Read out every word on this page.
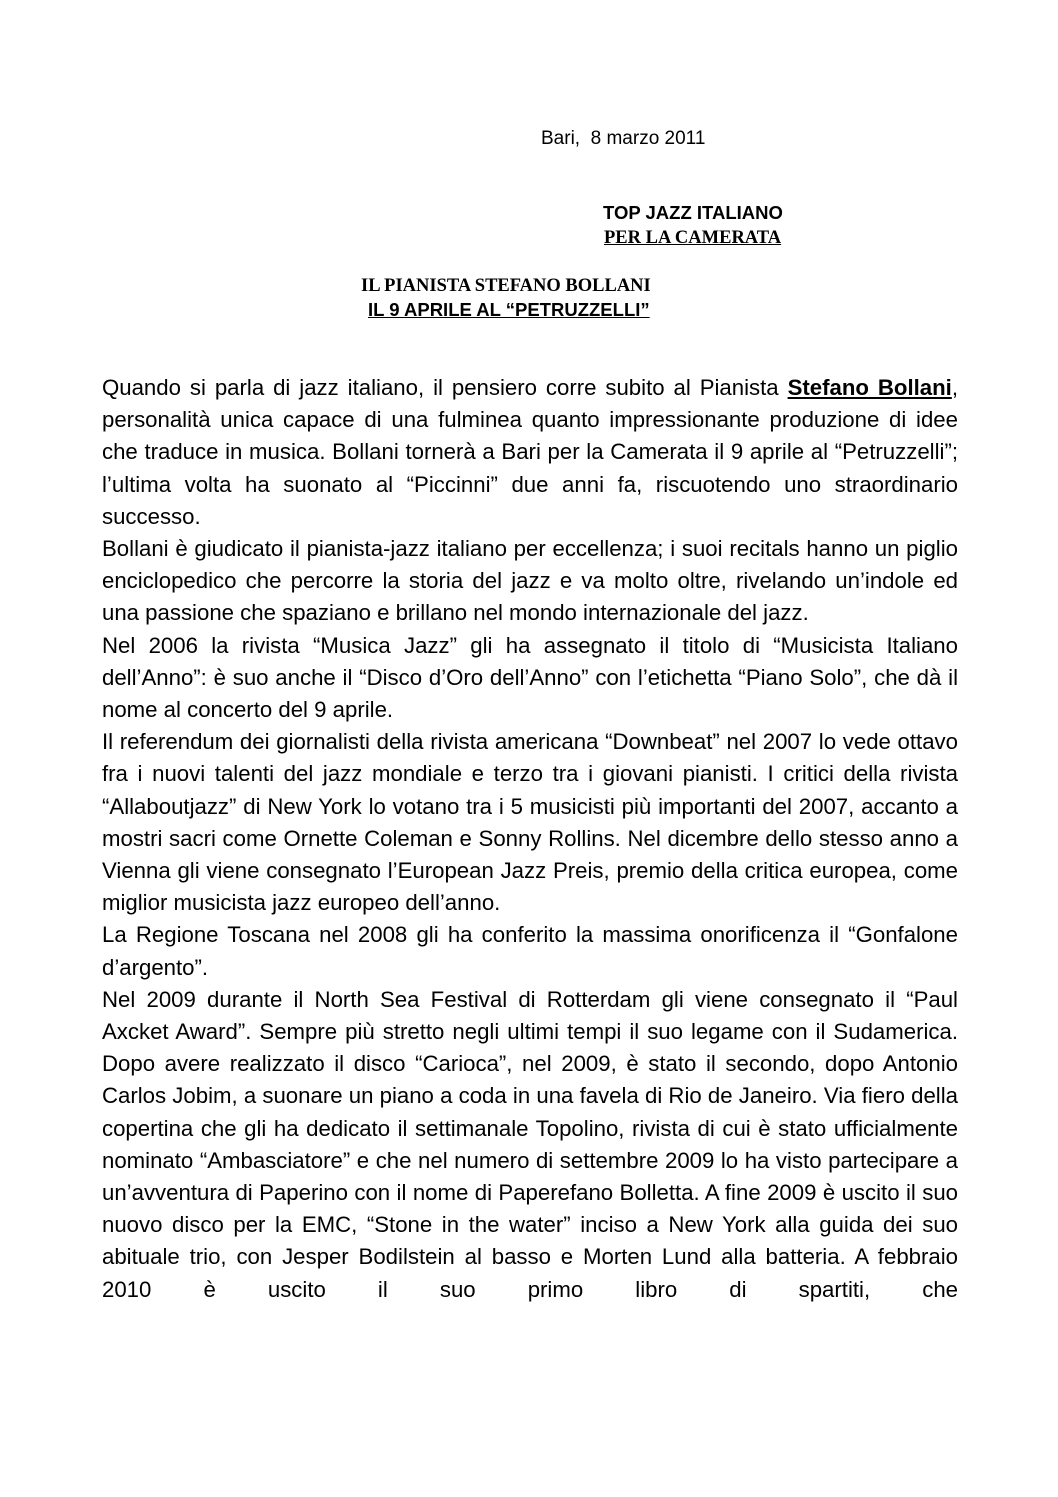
Bari,  8 marzo 2011
TOP JAZZ ITALIANO
PER LA CAMERATA
IL PIANISTA STEFANO BOLLANI
IL 9 APRILE AL “PETRUZZELLI”

Quando si parla di jazz italiano, il pensiero corre subito al Pianista Stefano Bollani, personalità unica capace di una fulminea quanto impressionante produzione di idee che traduce in musica. Bollani tornerà a Bari per la Camerata il 9 aprile al “Petruzzelli”; l’ultima volta ha suonato al “Piccinni” due anni fa, riscuotendo uno straordinario successo.

Bollani è giudicato il pianista-jazz italiano per eccellenza; i suoi recitals hanno un piglio enciclopedico che percorre la storia del jazz e va molto oltre, rivelando un’indole ed una passione che spaziano e brillano nel mondo internazionale del jazz.

Nel 2006 la rivista “Musica Jazz” gli ha assegnato il titolo di “Musicista Italiano dell’Anno”: è suo anche il “Disco d’Oro dell’Anno” con l’etichetta “Piano Solo”, che dà il nome al concerto del 9 aprile.

Il referendum dei giornalisti della rivista americana “Downbeat” nel 2007 lo vede ottavo fra i nuovi talenti del jazz mondiale e terzo tra i giovani pianisti. I critici della rivista “Allaboutjazz” di New York lo votano tra i 5 musicisti più importanti del 2007, accanto a mostri sacri come Ornette Coleman e Sonny Rollins. Nel dicembre dello stesso anno a Vienna gli viene consegnato l’European Jazz Preis, premio della critica europea, come miglior musicista jazz europeo dell’anno.

La Regione Toscana nel 2008 gli ha conferito la massima onorificenza il “Gonfalone d’argento”.

Nel 2009 durante il North Sea Festival di Rotterdam gli viene consegnato il “Paul Axcket Award”. Sempre più stretto negli ultimi tempi il suo legame con il Sudamerica. Dopo avere realizzato il disco “Carioca”, nel 2009, è stato il secondo, dopo Antonio Carlos Jobim, a suonare un piano a coda in una favela di Rio de Janeiro. Via fiero della copertina che gli ha dedicato il settimanale Topolino, rivista di cui è stato ufficialmente nominato “Ambasciatore” e che nel numero di settembre 2009 lo ha visto partecipare a un’avventura di Paperino con il nome di Paperefano Bolletta. A fine 2009 è uscito il suo nuovo disco per la EMC, “Stone in the water” inciso a New York alla guida dei suo abituale trio, con Jesper Bodilstein al basso e Morten Lund alla batteria. A febbraio 2010 è uscito il suo primo libro di spartiti, che
